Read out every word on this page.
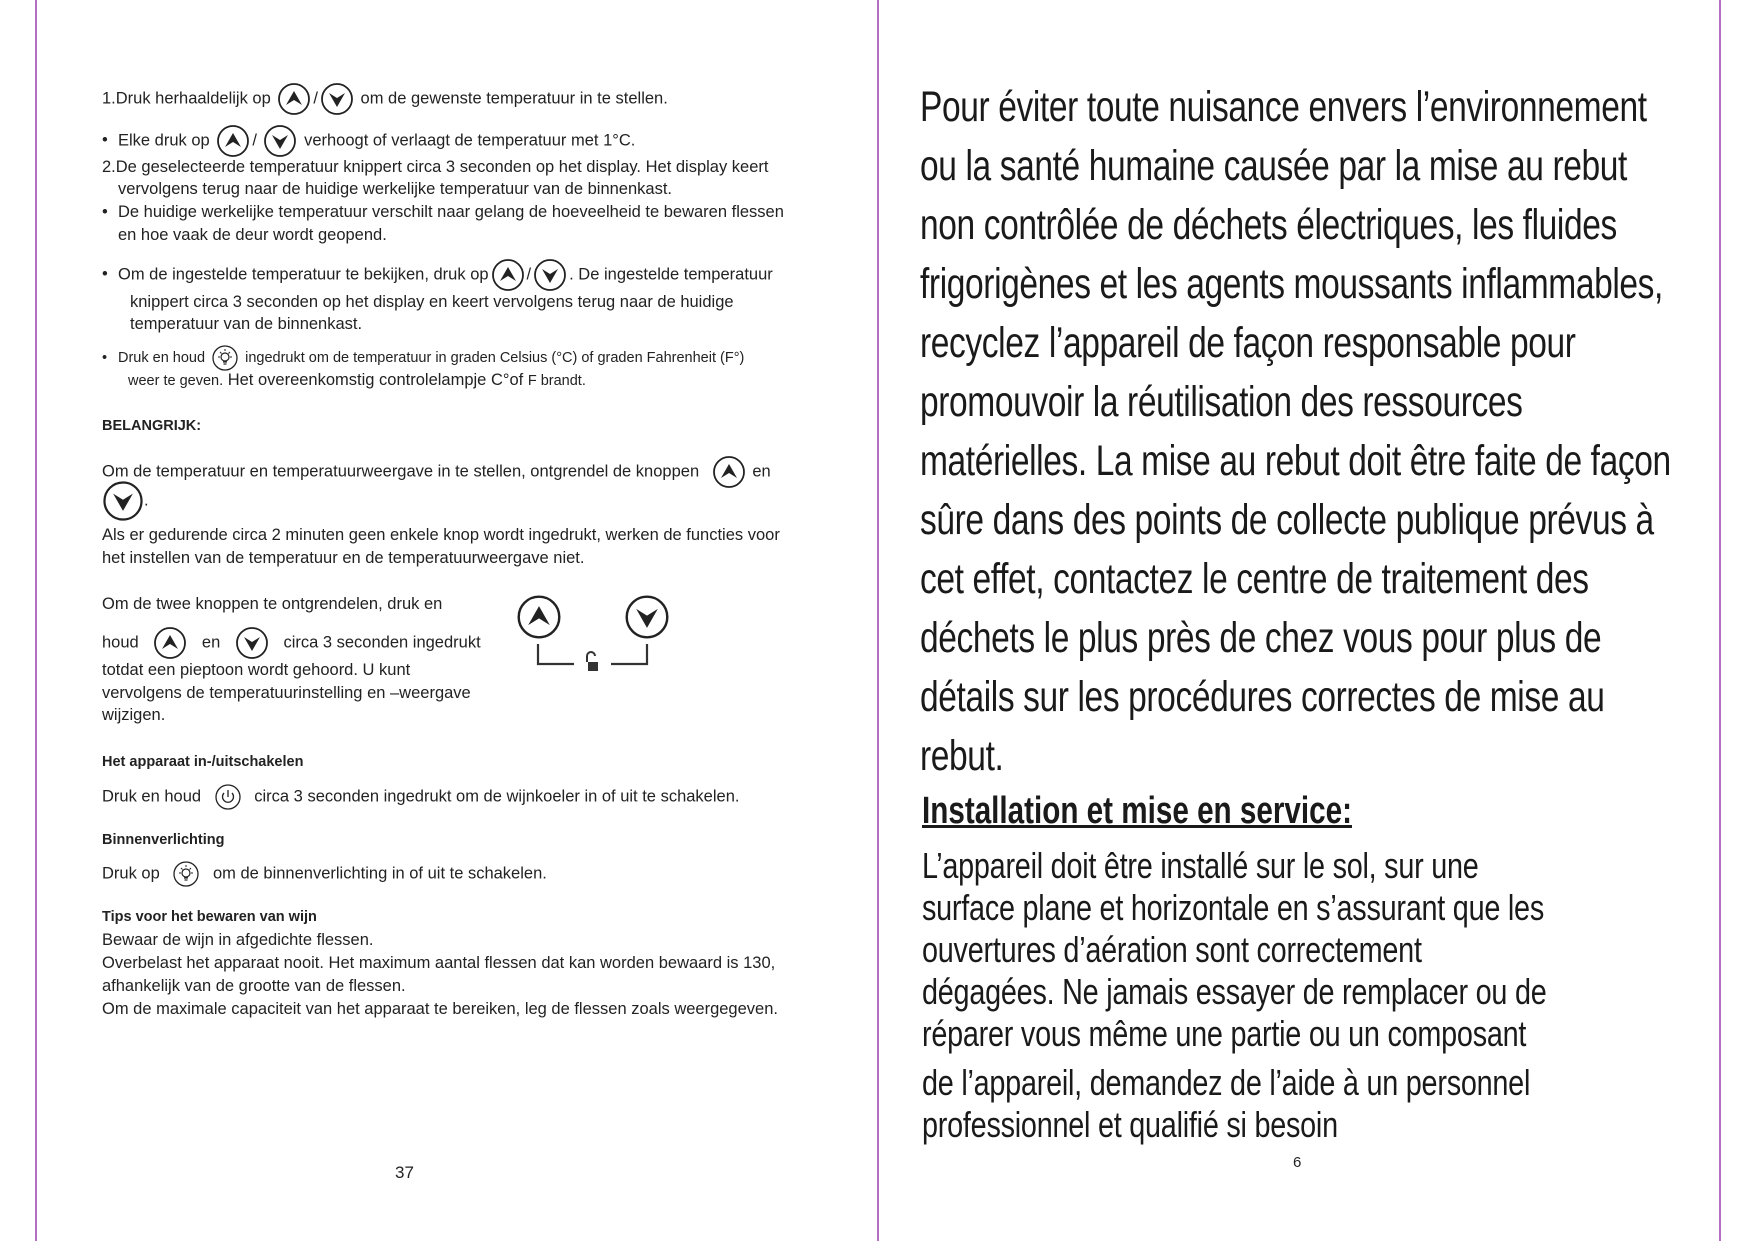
1.Druk herhaaldelijk op	/	om de gewenste temperatuur in te stellen.
• Elke druk op	/	verhoogt of verlaagt de temperatuur met 1°C.
2.De geselecteerde temperatuur knippert circa 3 seconden op het display. Het display keert
vervolgens terug naar de huidige werkelijke temperatuur van de binnenkast.
• De huidige werkelijke temperatuur verschilt naar gelang de hoeveelheid te bewaren flessen
en hoe vaak de deur wordt geopend.
• Om de ingestelde temperatuur te bekijken, druk op / . De ingestelde temperatuur
knippert circa 3 seconden op het display en keert vervolgens terug naar de huidige
temperatuur van de binnenkast.
• Druk en houd	ingedrukt om de temperatuur in graden Celsius (°C) of graden Fahrenheit (F°)
weer te geven. Het overeenkomstig controlelampje C°of F brandt.
BELANGRIJK:
Om de temperatuur en temperatuurweergave in te stellen, ontgrendel de knoppen	en
.
Als er gedurende circa 2 minuten geen enkele knop wordt ingedrukt, werken de functies voor
het instellen van de temperatuur en de temperatuurweergave niet.
Om de twee knoppen te ontgrendelen, druk en
houd	en	circa 3 seconden ingedrukt
totdat een pieptoon wordt gehoord. U kunt
vervolgens de temperatuurinstelling en –weergave
wijzigen.
Het apparaat in-/uitschakelen
Druk en houd	circa 3 seconden ingedrukt om de wijnkoeler in of uit te schakelen.
Binnenverlichting
Druk op	om de binnenverlichting in of uit te schakelen.
Tips voor het bewaren van wijn
Bewaar de wijn in afgedichte flessen.
Overbelast het apparaat nooit. Het maximum aantal flessen dat kan worden bewaard is 130,
afhankelijk van de grootte van de flessen.
Om de maximale capaciteit van het apparaat te bereiken, leg de flessen zoals weergegeven.
37
Pour éviter toute nuisance envers l’environnement
ou la santé humaine causée par la mise au rebut
non contrôlée de déchets électriques, les fluides
frigorigènes et les agents moussants inflammables,
recyclez l’appareil de façon responsable pour
promouvoir la réutilisation des ressources
matérielles. La mise au rebut doit être faite de façon
sûre dans des points de collecte publique prévus à
cet effet, contactez le centre de traitement des
déchets le plus près de chez vous pour plus de
détails sur les procédures correctes de mise au
rebut.
Installation et mise en service:
L’appareil doit être installé sur le sol, sur une
surface plane et horizontale en s’assurant que les
ouvertures d’aération sont correctement
dégagées. Ne jamais essayer de remplacer ou de
réparer vous même une partie ou un composant
de l’appareil, demandez de l’aide à un personnel
professionnel et qualifié si besoin
6
